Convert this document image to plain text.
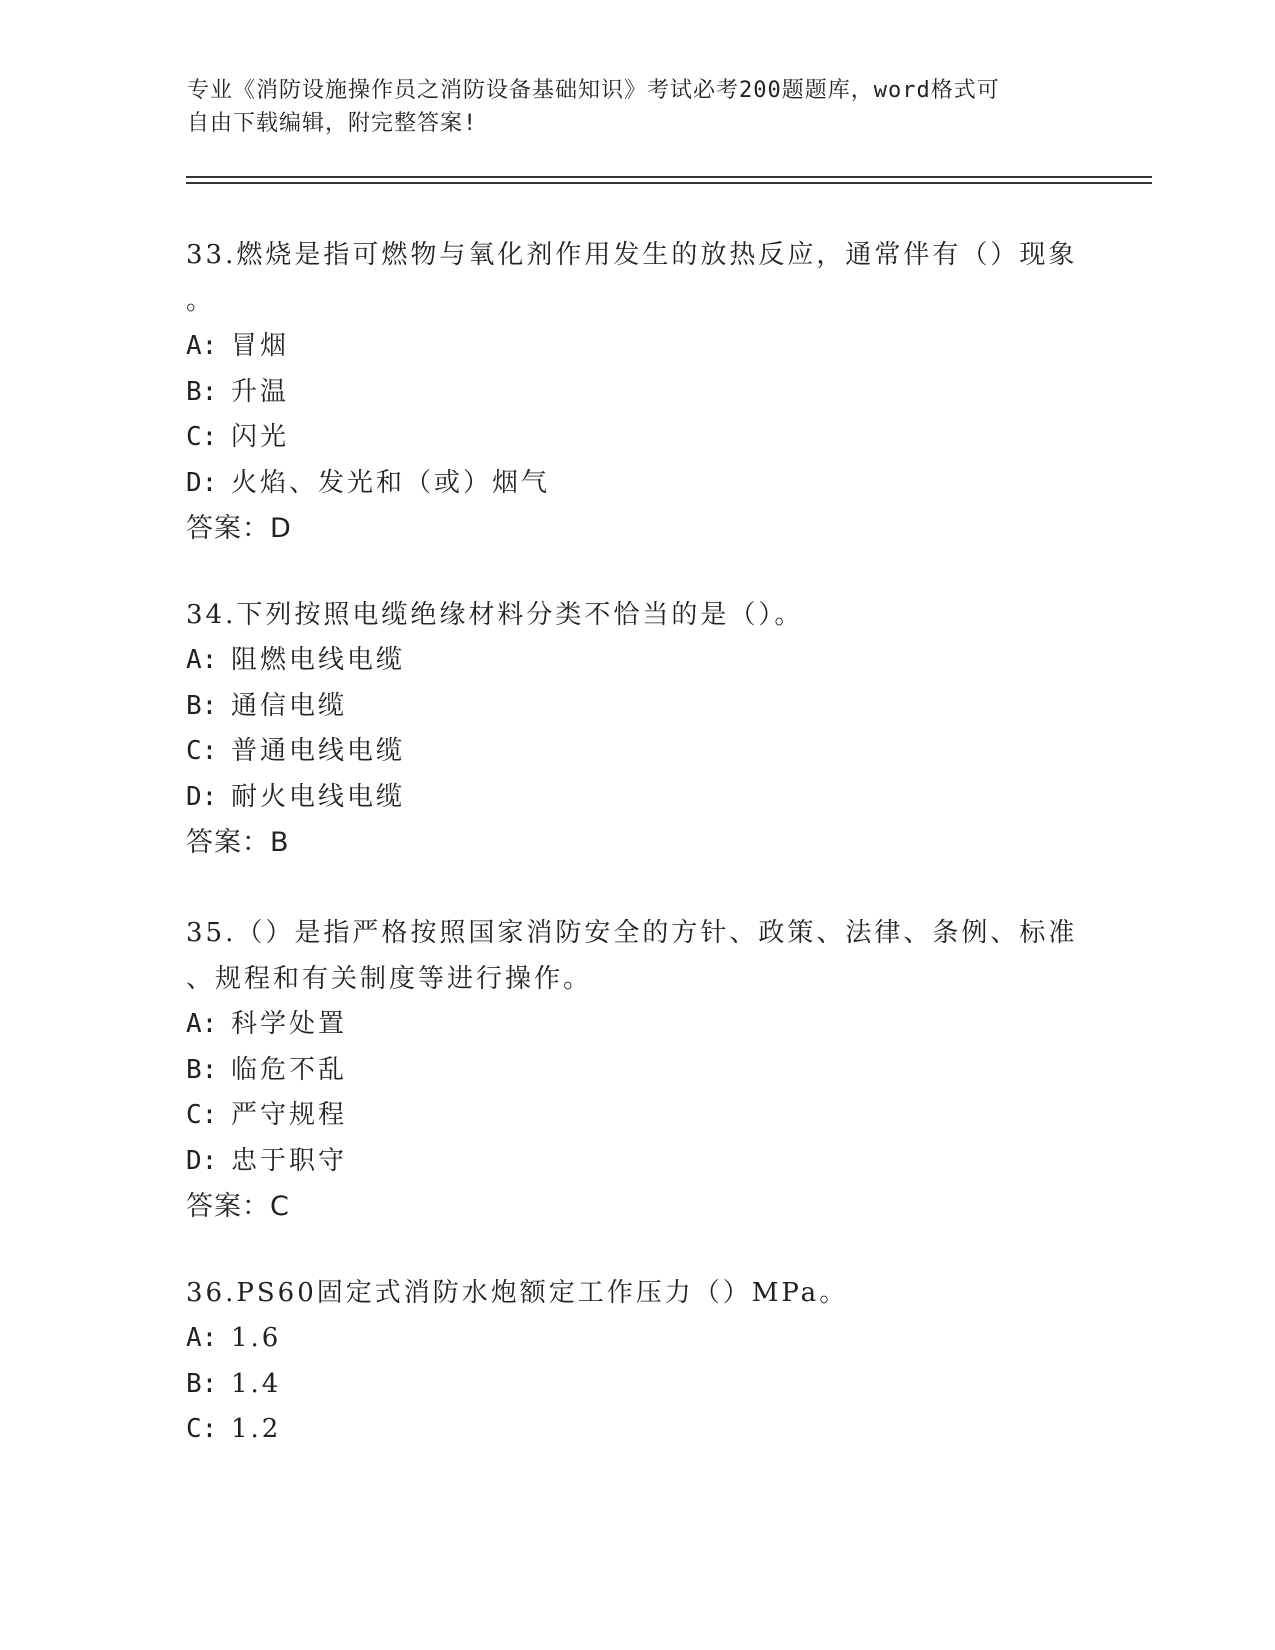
专业《消防设施操作员之消防设备基础知识》考试必考200题题库，word格式可
自由下载编辑，附完整答案!
33.燃烧是指可燃物与氧化剂作用发生的放热反应，通常伴有（）现象
。
A: 冒烟
B: 升温
C: 闪光
D: 火焰、发光和（或）烟气
答案：D
34.下列按照电缆绝缘材料分类不恰当的是（）。
A: 阻燃电线电缆
B: 通信电缆
C: 普通电线电缆
D: 耐火电线电缆
答案：B
35.（）是指严格按照国家消防安全的方针、政策、法律、条例、标准
、规程和有关制度等进行操作。
A: 科学处置
B: 临危不乱
C: 严守规程
D: 忠于职守
答案：C
36.PS60固定式消防水炮额定工作压力（）MPa。
A: 1.6
B: 1.4
C: 1.2
